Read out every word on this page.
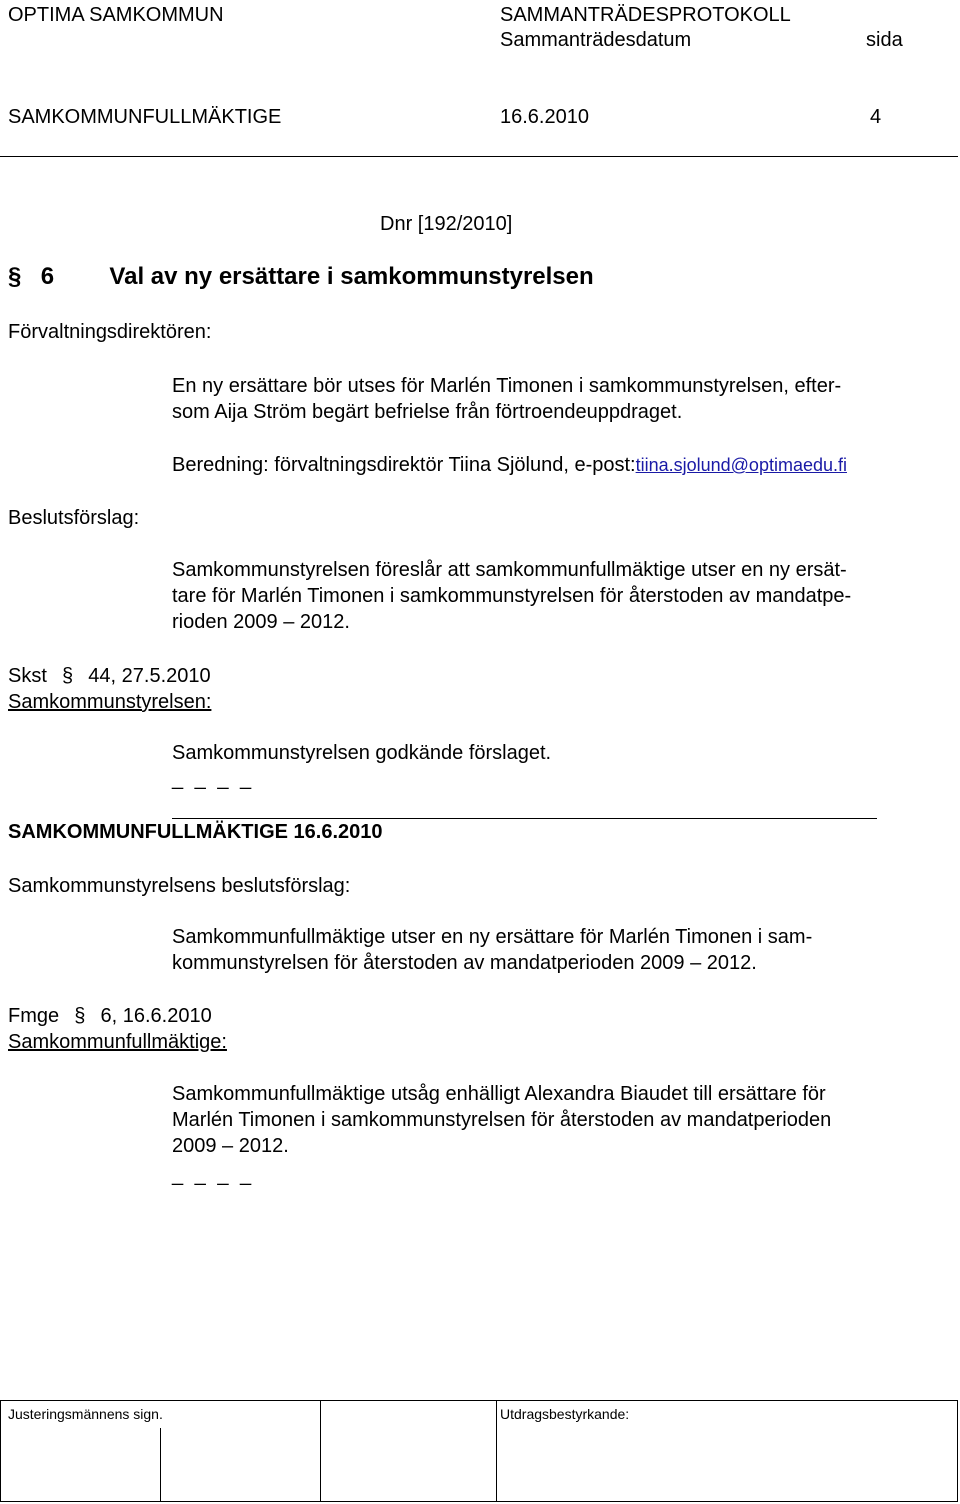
OPTIMA SAMKOMMUN	SAMMANTRÄDESPROTOKOLL
Sammanträdesdatum	sida
SAMKOMMUNFULLMÄKTIGE	16.6.2010	4
Dnr [192/2010]
§ 6 Val av ny ersättare i samkommunstyrelsen
Förvaltningsdirektören:
Beslutsförslag:
Skst § 44, 27.5.2010
Samkommunstyrelsen:
Samkommunstyrelsens beslutsförslag:
Fmge § 6, 16.6.2010
Samkommunfullmäktige:
En ny ersättare bör utses för Marlén Timonen i samkommunstyrelsen, efter-
som Aija Ström begärt befrielse från förtroendeuppdraget.
Beredning: förvaltningsdirektör Tiina Sjölund, e-post:tiina.sjolund@optimaedu.fi
Samkommunstyrelsen föreslår att samkommunfullmäktige utser en ny ersät-
tare för Marlén Timonen i samkommunstyrelsen för återstoden av mandatpe-
rioden 2009 – 2012.
Samkommunstyrelsen godkände förslaget.
_ _ _ _
SAMKOMMUNFULLMÄKTIGE 16.6.2010
Samkommunfullmäktige utser en ny ersättare för Marlén Timonen i sam-
kommunstyrelsen för återstoden av mandatperioden 2009 – 2012.
Samkommunfullmäktige utsåg enhälligt Alexandra Biaudet till ersättare för
Marlén Timonen i samkommunstyrelsen för återstoden av mandatperioden
2009 – 2012.
_ _ _ _
Justeringsmännens sign.	Utdragsbestyrkande:
